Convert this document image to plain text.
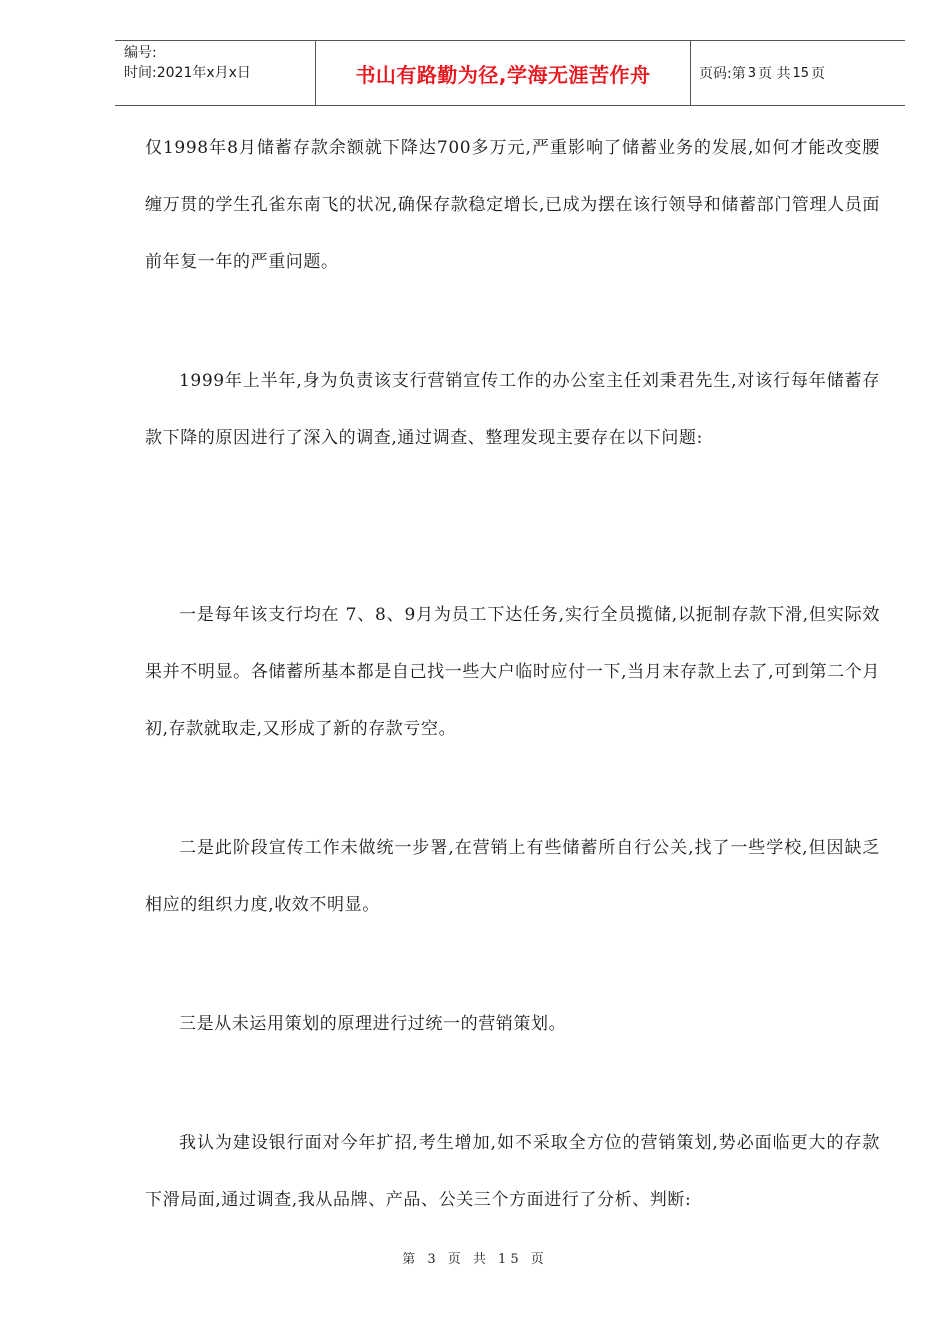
编号:
时间:2021年x月x日	书山有路勤为径,学海无涯苦作舟	页码:第 3 页 共 15 页

仅1998年8月储蓄存款余额就下降达700多万元,严重影响了储蓄业务的发展,如何才能改变腰缠万贯的学生孔雀东南飞的状况,确保存款稳定增长,已成为摆在该行领导和储蓄部门管理人员面前年复一年的严重问题。

1999年上半年,身为负责该支行营销宣传工作的办公室主任刘秉君先生,对该行每年储蓄存款下降的原因进行了深入的调查,通过调查、整理发现主要存在以下问题:

一是每年该支行均在 7、8、9月为员工下达任务,实行全员揽储,以扼制存款下滑,但实际效果并不明显。各储蓄所基本都是自己找一些大户临时应付一下,当月末存款上去了,可到第二个月初,存款就取走,又形成了新的存款亏空。

二是此阶段宣传工作未做统一步署,在营销上有些储蓄所自行公关,找了一些学校,但因缺乏相应的组织力度,收效不明显。

三是从未运用策划的原理进行过统一的营销策划。

我认为建设银行面对今年扩招,考生增加,如不采取全方位的营销策划,势必面临更大的存款下滑局面,通过调查,我从品牌、产品、公关三个方面进行了分析、判断:

第 3 页 共 15 页
